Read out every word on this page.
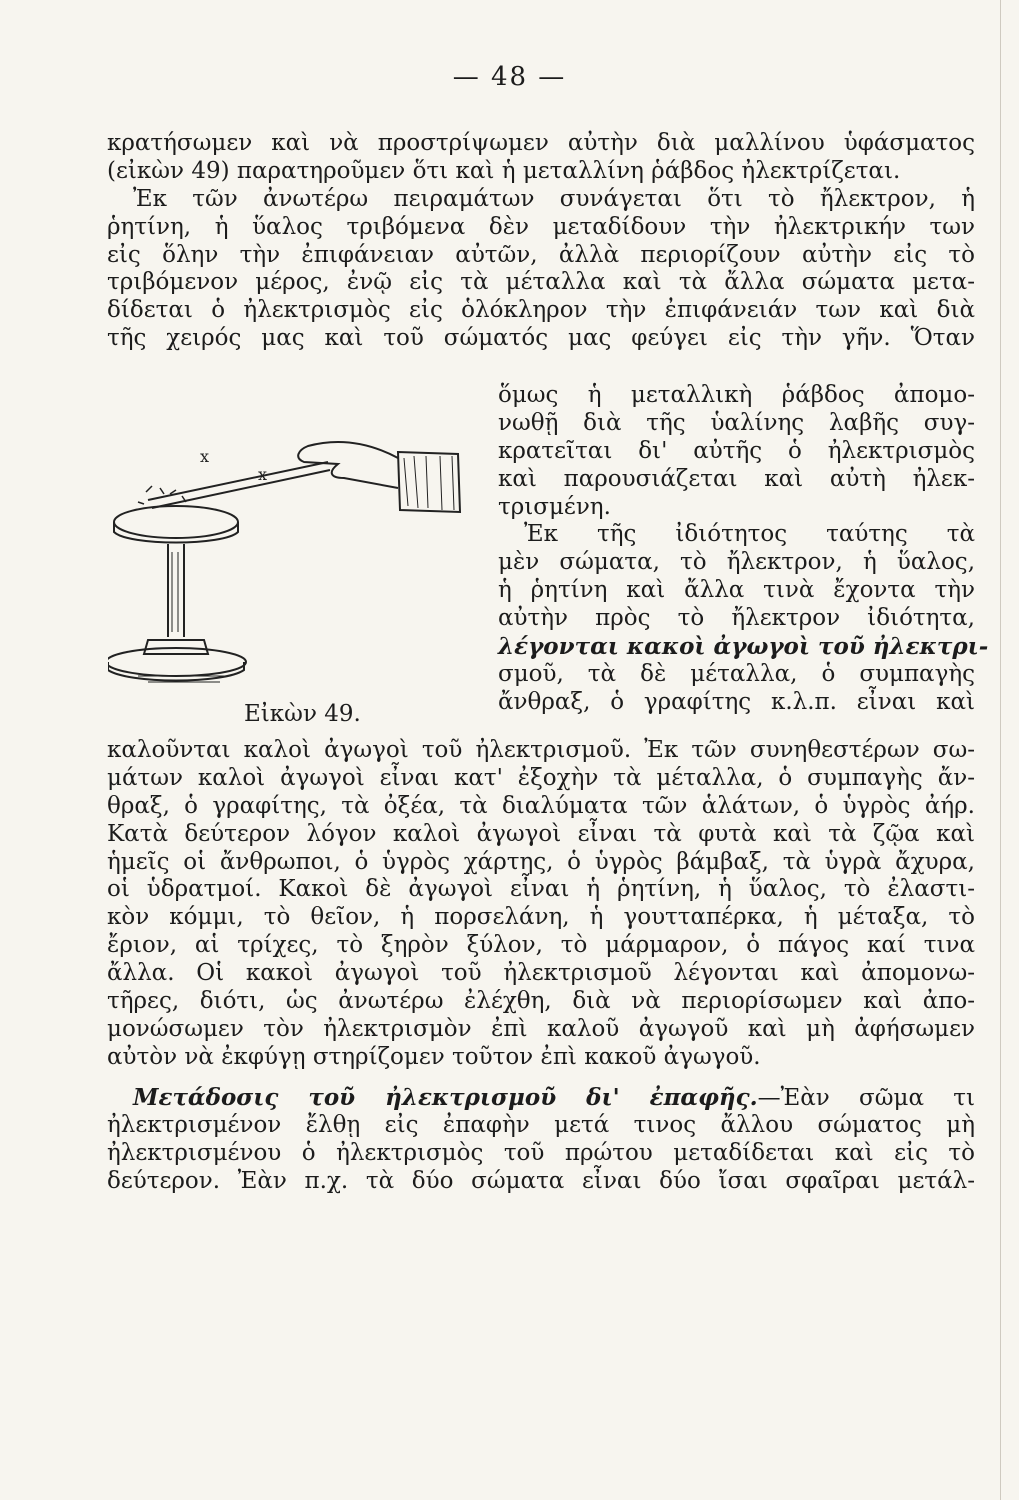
— 48 —
κρατήσωμεν καὶ νὰ προστρίψωμεν αὐτὴν διὰ μαλλίνου ὑφάσματος
(εἰκὼν 49) παρατηροῦμεν ὅτι καὶ ἡ μεταλλίνη ῥάβδος ἠλεκτρίζεται.
Ἐκ τῶν ἀνωτέρω πειραμάτων συνάγεται ὅτι τὸ ἤλεκτρον, ἡ
ῥητίνη, ἡ ὕαλος τριβόμενα δὲν μεταδίδουν τὴν ἠλεκτρικήν των
εἰς ὅλην τὴν ἐπιφάνειαν αὐτῶν, ἀλλὰ περιορίζουν αὐτὴν εἰς τὸ
τριβόμενον μέρος, ἐνῷ εἰς τὰ μέταλλα καὶ τὰ ἄλλα σώματα μετα-
δίδεται ὁ ἠλεκτρισμὸς εἰς ὁλόκληρον τὴν ἐπιφάνειάν των καὶ διὰ
τῆς χειρός μας καὶ τοῦ σώματός μας φεύγει εἰς τὴν γῆν. Ὅταν
x
x
Εἰκὼν 49.
ὅμως ἡ μεταλλικὴ ῥάβδος ἀπομο-
νωθῇ διὰ τῆς ὑαλίνης λαβῆς συγ-
κρατεῖται δι' αὐτῆς ὁ ἠλεκτρισμὸς
καὶ παρουσιάζεται καὶ αὐτὴ ἠλεκ-
τρισμένη.
Ἐκ τῆς ἰδιότητος ταύτης τὰ
μὲν σώματα, τὸ ἤλεκτρον, ἡ ὕαλος,
ἡ ῥητίνη καὶ ἄλλα τινὰ ἔχοντα τὴν
αὐτὴν πρὸς τὸ ἤλεκτρον ἰδιότητα,
λέγονται κακοὶ ἀγωγοὶ τοῦ ἠλεκτρι-
σμοῦ, τὰ δὲ μέταλλα, ὁ συμπαγὴς
ἄνθραξ, ὁ γραφίτης κ.λ.π. εἶναι καὶ
καλοῦνται καλοὶ ἀγωγοὶ τοῦ ἠλεκτρισμοῦ. Ἐκ τῶν συνηθεστέρων σω-
μάτων καλοὶ ἀγωγοὶ εἶναι κατ' ἐξοχὴν τὰ μέταλλα, ὁ συμπαγὴς ἄν-
θραξ, ὁ γραφίτης, τὰ ὀξέα, τὰ διαλύματα τῶν ἁλάτων, ὁ ὑγρὸς ἀήρ.
Κατὰ δεύτερον λόγον καλοὶ ἀγωγοὶ εἶναι τὰ φυτὰ καὶ τὰ ζῷα καὶ
ἡμεῖς οἱ ἄνθρωποι, ὁ ὑγρὸς χάρτης, ὁ ὑγρὸς βάμβαξ, τὰ ὑγρὰ ἄχυρα,
οἱ ὑδρατμοί. Κακοὶ δὲ ἀγωγοὶ εἶναι ἡ ῥητίνη, ἡ ὕαλος, τὸ ἐλαστι-
κὸν κόμμι, τὸ θεῖον, ἡ πορσελάνη, ἡ γουτταπέρκα, ἡ μέταξα, τὸ
ἔριον, αἱ τρίχες, τὸ ξηρὸν ξύλον, τὸ μάρμαρον, ὁ πάγος καί τινα
ἄλλα. Οἱ κακοὶ ἀγωγοὶ τοῦ ἠλεκτρισμοῦ λέγονται καὶ ἀπομονω-
τῆρες, διότι, ὡς ἀνωτέρω ἐλέχθη, διὰ νὰ περιορίσωμεν καὶ ἀπο-
μονώσωμεν τὸν ἠλεκτρισμὸν ἐπὶ καλοῦ ἀγωγοῦ καὶ μὴ ἀφήσωμεν
αὐτὸν νὰ ἐκφύγῃ στηρίζομεν τοῦτον ἐπὶ κακοῦ ἀγωγοῦ.
Μετάδοσις τοῦ ἠλεκτρισμοῦ δι' ἐπαφῆς.—Ἐὰν σῶμα τι
ἠλεκτρισμένον ἔλθῃ εἰς ἐπαφὴν μετά τινος ἄλλου σώματος μὴ
ἠλεκτρισμένου ὁ ἠλεκτρισμὸς τοῦ πρώτου μεταδίδεται καὶ εἰς τὸ
δεύτερον. Ἐὰν π.χ. τὰ δύο σώματα εἶναι δύο ἴσαι σφαῖραι μετάλ-
